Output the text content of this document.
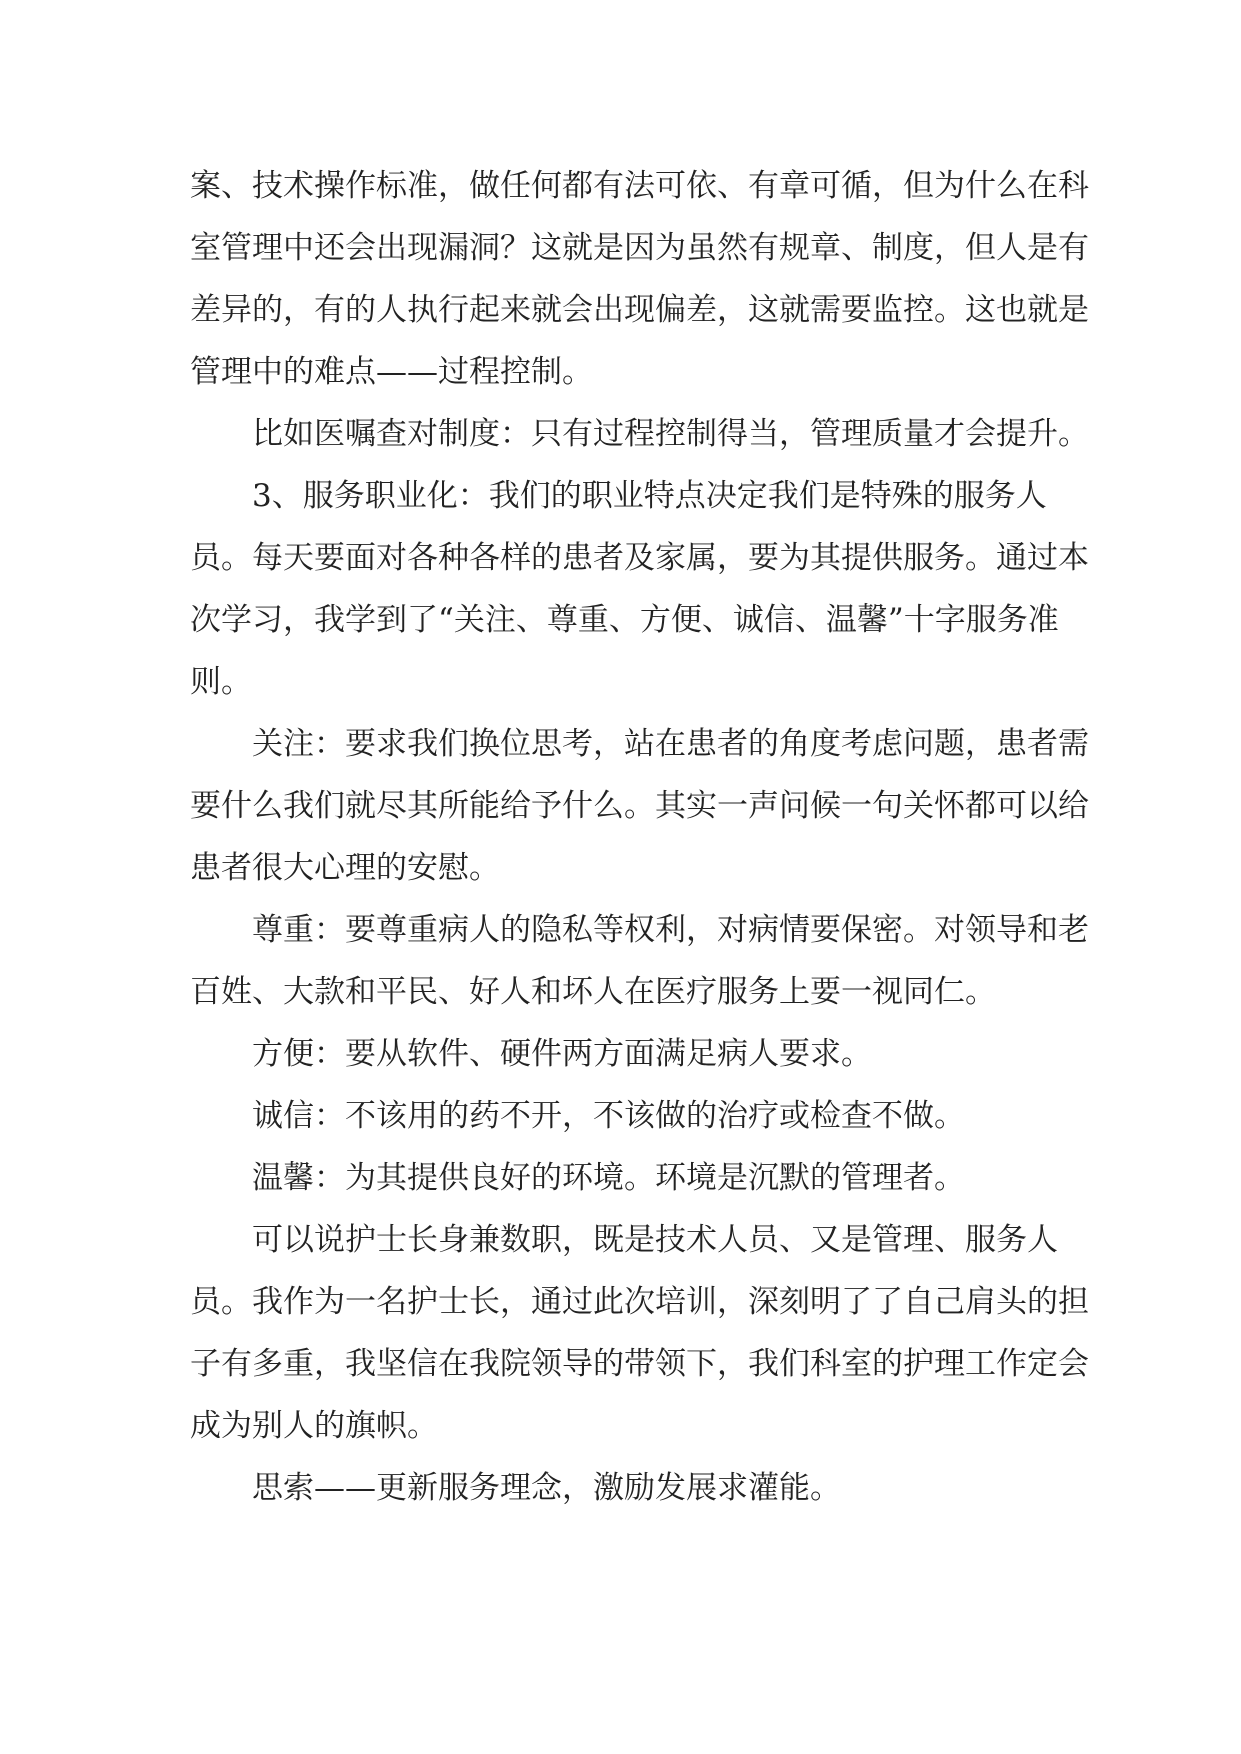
案、技术操作标准，做任何都有法可依、有章可循，但为什么在科室管理中还会出现漏洞？这就是因为虽然有规章、制度，但人是有差异的，有的人执行起来就会出现偏差，这就需要监控。这也就是管理中的难点——过程控制。

比如医嘱查对制度：只有过程控制得当，管理质量才会提升。

3、服务职业化：我们的职业特点决定我们是特殊的服务人员。每天要面对各种各样的患者及家属，要为其提供服务。通过本次学习，我学到了“关注、尊重、方便、诚信、温馨”十字服务准则。

关注：要求我们换位思考，站在患者的角度考虑问题，患者需要什么我们就尽其所能给予什么。其实一声问候一句关怀都可以给患者很大心理的安慰。

尊重：要尊重病人的隐私等权利，对病情要保密。对领导和老百姓、大款和平民、好人和坏人在医疗服务上要一视同仁。

方便：要从软件、硬件两方面满足病人要求。

诚信：不该用的药不开，不该做的治疗或检查不做。

温馨：为其提供良好的环境。环境是沉默的管理者。

可以说护士长身兼数职，既是技术人员、又是管理、服务人员。我作为一名护士长，通过此次培训，深刻明了了自己肩头的担子有多重，我坚信在我院领导的带领下，我们科室的护理工作定会成为别人的旗帜。

思索——更新服务理念，激励发展求灌能。
